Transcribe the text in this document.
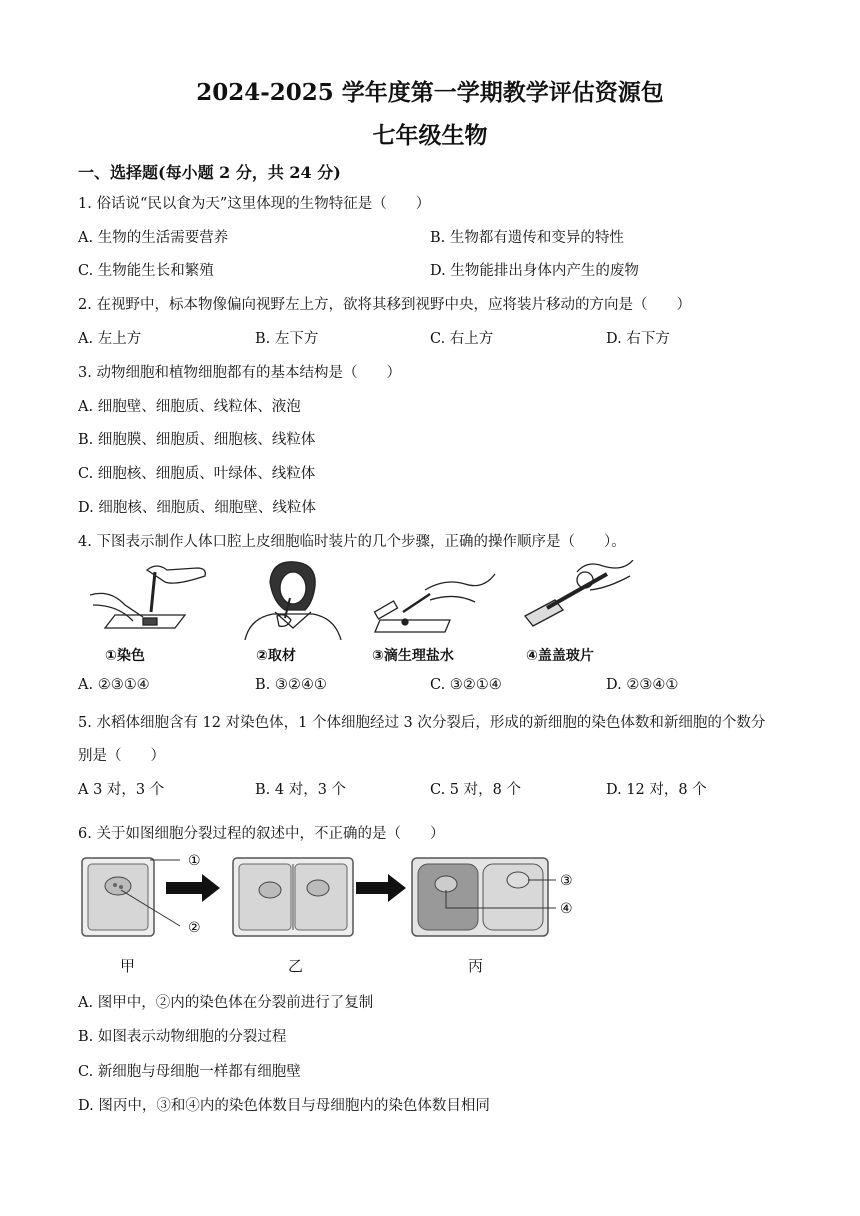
2024-2025 学年度第一学期教学评估资源包
七年级生物
一、选择题(每小题 2 分，共 24 分)
1. 俗话说“民以食为天”这里体现的生物特征是（　　）
A. 生物的生活需要营养	B. 生物都有遗传和变异的特性
C. 生物能生长和繁殖	D. 生物能排出身体内产生的废物
2. 在视野中，标本物像偏向视野左上方，欲将其移到视野中央，应将装片移动的方向是（　　）
A. 左上方	B. 左下方	C. 右上方	D. 右下方
3. 动物细胞和植物细胞都有的基本结构是（　　）
A. 细胞壁、细胞质、线粒体、液泡
B. 细胞膜、细胞质、细胞核、线粒体
C. 细胞核、细胞质、叶绿体、线粒体
D. 细胞核、细胞质、细胞壁、线粒体
4. 下图表示制作人体口腔上皮细胞临时装片的几个步骤，正确的操作顺序是（　　）。
①染色	②取材	③滴生理盐水	④盖盖玻片
A. ②③①④	B. ③②④①	C. ③②①④	D. ②③④①
5. 水稻体细胞含有 12 对染色体，1 个体细胞经过 3 次分裂后，形成的新细胞的染色体数和新细胞的个数分
别是（　　）
A 3 对，3 个	B. 4 对，3 个	C. 5 对，8 个	D. 12 对，8 个
6. 关于如图细胞分裂过程的叙述中，不正确的是（　　）
①
②
③
④
甲	乙	丙
A. 图甲中，②内的染色体在分裂前进行了复制
B. 如图表示动物细胞的分裂过程
C. 新细胞与母细胞一样都有细胞壁
D. 图丙中，③和④内的染色体数目与母细胞内的染色体数目相同
